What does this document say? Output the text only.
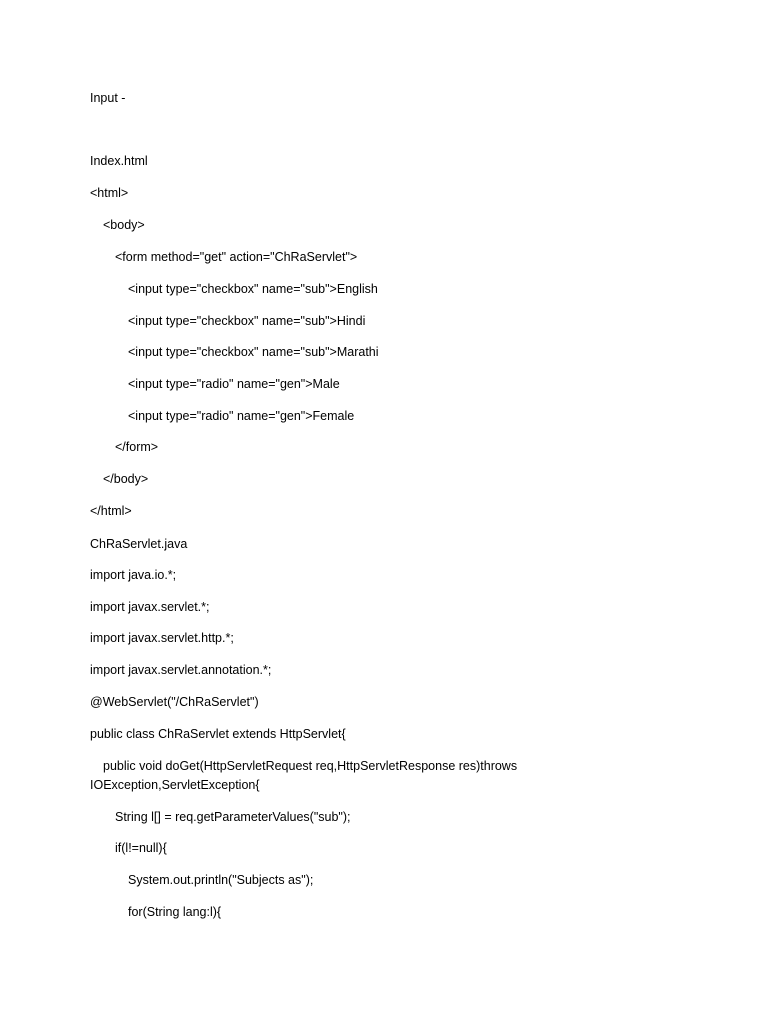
Input -
Index.html
<html>
<body>
<form method="get" action="ChRaServlet">
<input type="checkbox" name="sub">English
<input type="checkbox" name="sub">Hindi
<input type="checkbox" name="sub">Marathi
<input type="radio" name="gen">Male
<input type="radio" name="gen">Female
</form>
</body>
</html>
ChRaServlet.java
import java.io.*;
import javax.servlet.*;
import javax.servlet.http.*;
import javax.servlet.annotation.*;
@WebServlet("/ChRaServlet")
public class ChRaServlet extends HttpServlet{
public void doGet(HttpServletRequest req,HttpServletResponse res)throws
IOException,ServletException{
String l[] = req.getParameterValues("sub");
if(l!=null){
System.out.println("Subjects as");
for(String lang:l){
